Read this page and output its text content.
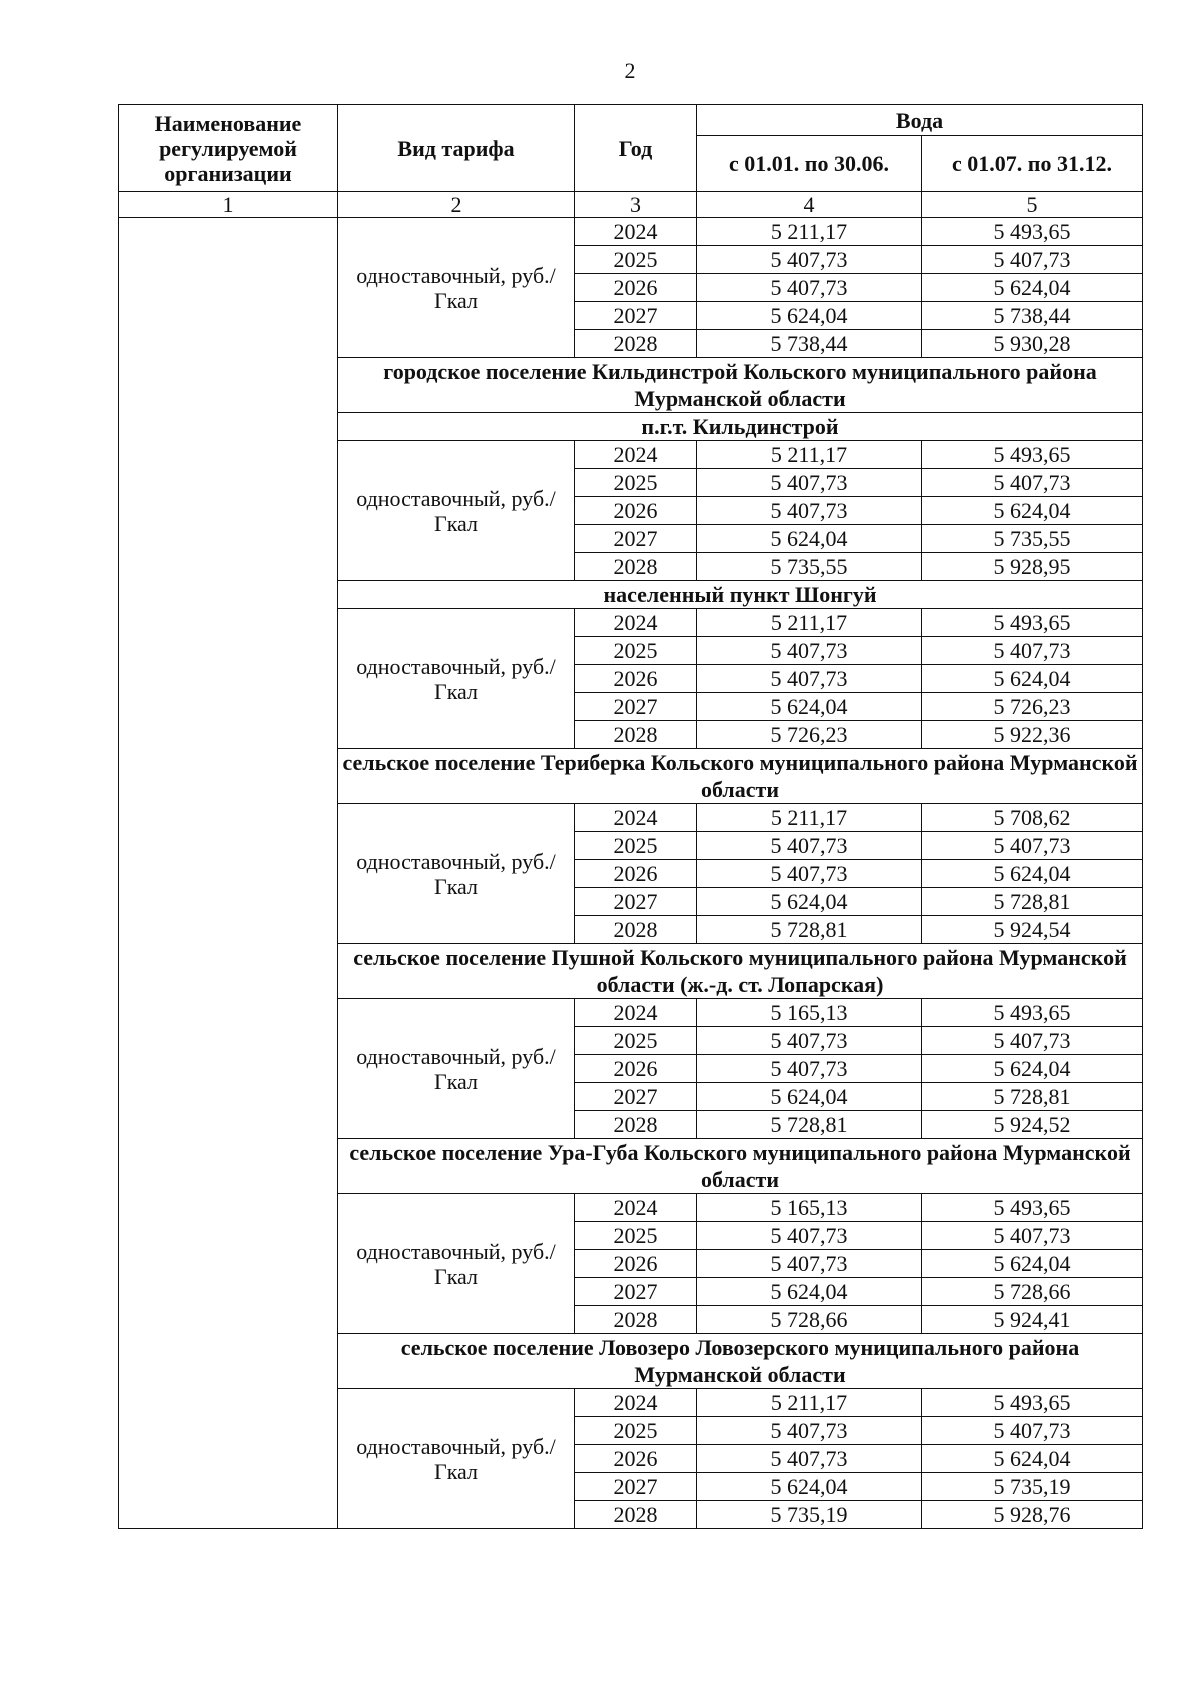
2
Наименование регулируемой организации	Вид тарифа	Год	Вода	
			с 01.01. по 30.06.	с 01.07. по 31.12.
1	2	3	4	5
	одноставочный, руб./Гкал	2024	5 211,17	5 493,65
		2025	5 407,73	5 407,73
		2026	5 407,73	5 624,04
		2027	5 624,04	5 738,44
		2028	5 738,44	5 930,28
	городское поселение Кильдинстрой Кольского муниципального района Мурманской области			
	п.г.т. Кильдинстрой			
	одноставочный, руб./Гкал	2024	5 211,17	5 493,65
		2025	5 407,73	5 407,73
		2026	5 407,73	5 624,04
		2027	5 624,04	5 735,55
		2028	5 735,55	5 928,95
	населенный пункт Шонгуй			
	одноставочный, руб./Гкал	2024	5 211,17	5 493,65
		2025	5 407,73	5 407,73
		2026	5 407,73	5 624,04
		2027	5 624,04	5 726,23
		2028	5 726,23	5 922,36
	сельское поселение Териберка Кольского муниципального района Мурманской области			
	одноставочный, руб./Гкал	2024	5 211,17	5 708,62
		2025	5 407,73	5 407,73
		2026	5 407,73	5 624,04
		2027	5 624,04	5 728,81
		2028	5 728,81	5 924,54
	сельское поселение Пушной Кольского муниципального района Мурманской области (ж.-д. ст. Лопарская)			
	одноставочный, руб./Гкал	2024	5 165,13	5 493,65
		2025	5 407,73	5 407,73
		2026	5 407,73	5 624,04
		2027	5 624,04	5 728,81
		2028	5 728,81	5 924,52
	сельское поселение Ура-Губа Кольского муниципального района Мурманской области			
	одноставочный, руб./Гкал	2024	5 165,13	5 493,65
		2025	5 407,73	5 407,73
		2026	5 407,73	5 624,04
		2027	5 624,04	5 728,66
		2028	5 728,66	5 924,41
	сельское поселение Ловозеро Ловозерского муниципального района Мурманской области			
	одноставочный, руб./Гкал	2024	5 211,17	5 493,65
		2025	5 407,73	5 407,73
		2026	5 407,73	5 624,04
		2027	5 624,04	5 735,19
		2028	5 735,19	5 928,76
